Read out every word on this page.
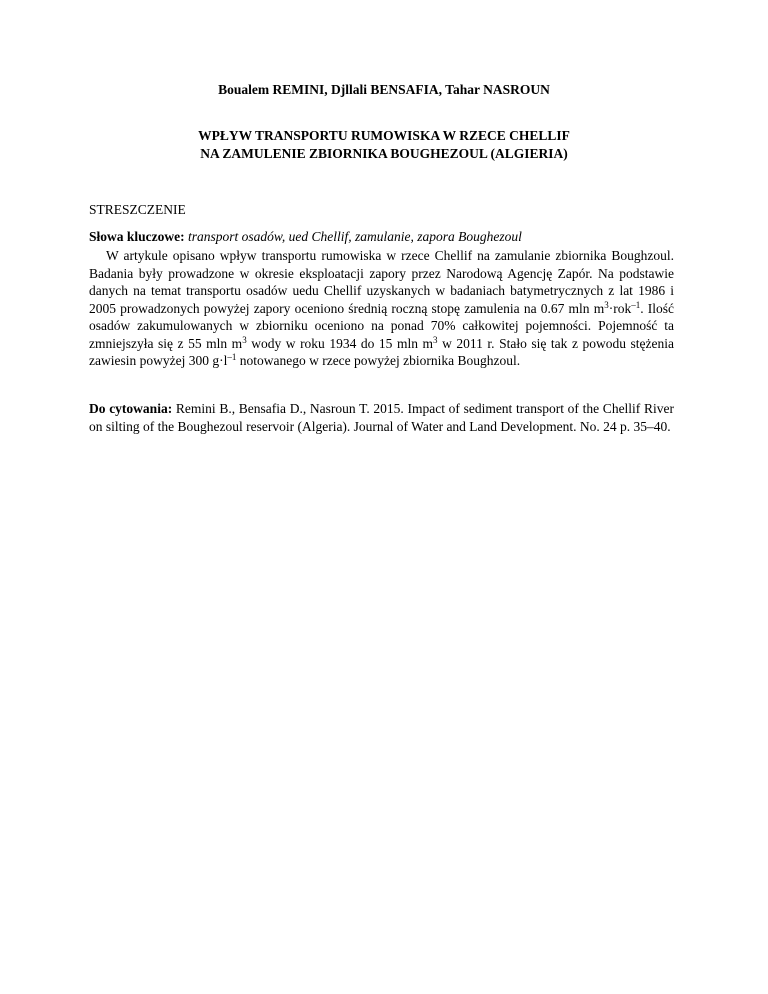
Boualem REMINI, Djllali BENSAFIA, Tahar NASROUN
WPŁYW TRANSPORTU RUMOWISKA W RZECE CHELLIF
NA ZAMULENIE ZBIORNIKA BOUGHEZOUL (ALGIERIA)
STRESZCZENIE
Słowa kluczowe: transport osadów, ued Chellif, zamulanie, zapora Boughezoul

W artykule opisano wpływ transportu rumowiska w rzece Chellif na zamulanie zbiornika Boughzoul. Badania były prowadzone w okresie eksploatacji zapory przez Narodową Agencję Zapór. Na podstawie danych na temat transportu osadów uedu Chellif uzyskanych w badaniach batymetrycznych z lat 1986 i 2005 prowadzonych powyżej zapory oceniono średnią roczną stopę zamulenia na 0.67 mln $m^3\cdot rok^{-1}$. Ilość osadów zakumulowanych w zbiorniku oceniono na ponad 70% całkowitej pojemności. Pojemność ta zmniejszyła się z 55 mln $m^3$ wody w roku 1934 do 15 mln $m^3$ w 2011 r. Stało się tak z powodu stężenia zawiesin powyżej 300 $g\cdot l^{-1}$ notowanego w rzece powyżej zbiornika Boughzoul.

Do cytowania: Remini B., Bensafia D., Nasroun T. 2015. Impact of sediment transport of the Chellif River on silting of the Boughezoul reservoir (Algeria). Journal of Water and Land Development. No. 24 p. 35–40.
